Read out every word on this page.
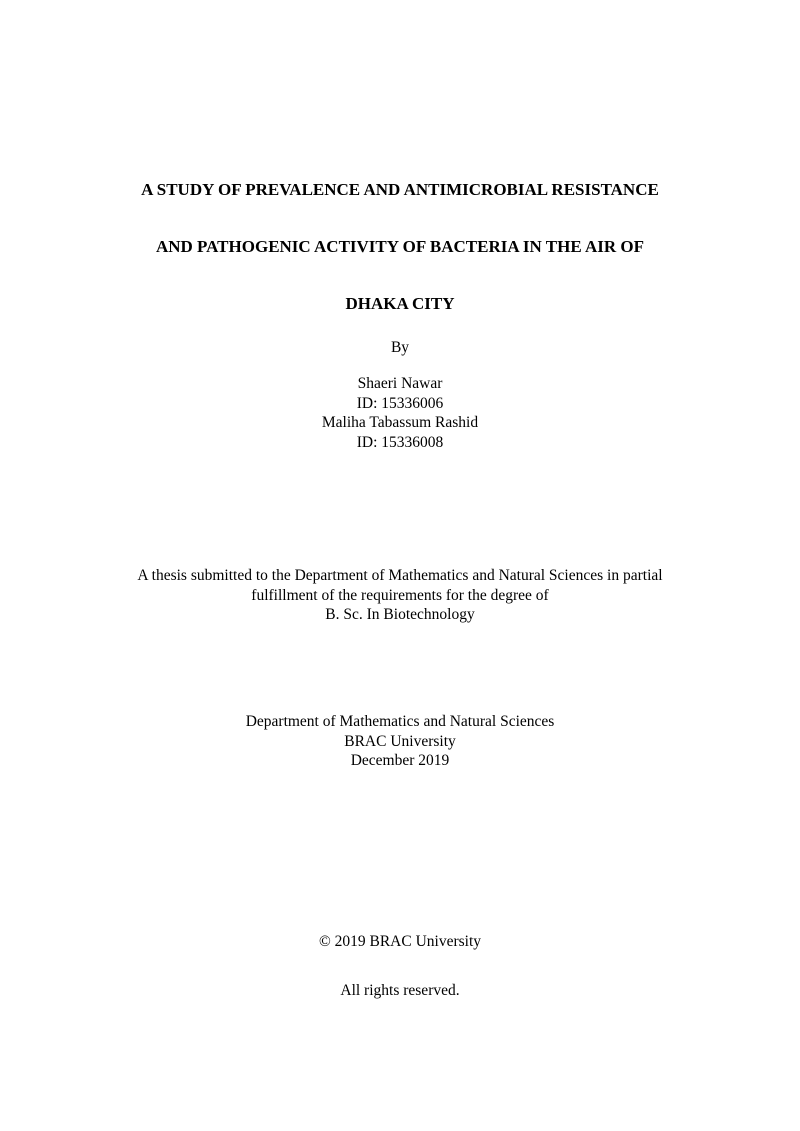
A STUDY OF PREVALENCE AND ANTIMICROBIAL RESISTANCE
AND PATHOGENIC ACTIVITY OF BACTERIA IN THE AIR OF
DHAKA CITY
By
Shaeri Nawar
ID: 15336006
Maliha Tabassum Rashid
ID: 15336008
A thesis submitted to the Department of Mathematics and Natural Sciences in partial
fulfillment of the requirements for the degree of
B. Sc. In Biotechnology
Department of Mathematics and Natural Sciences
BRAC University
December 2019
© 2019 BRAC University
All rights reserved.
